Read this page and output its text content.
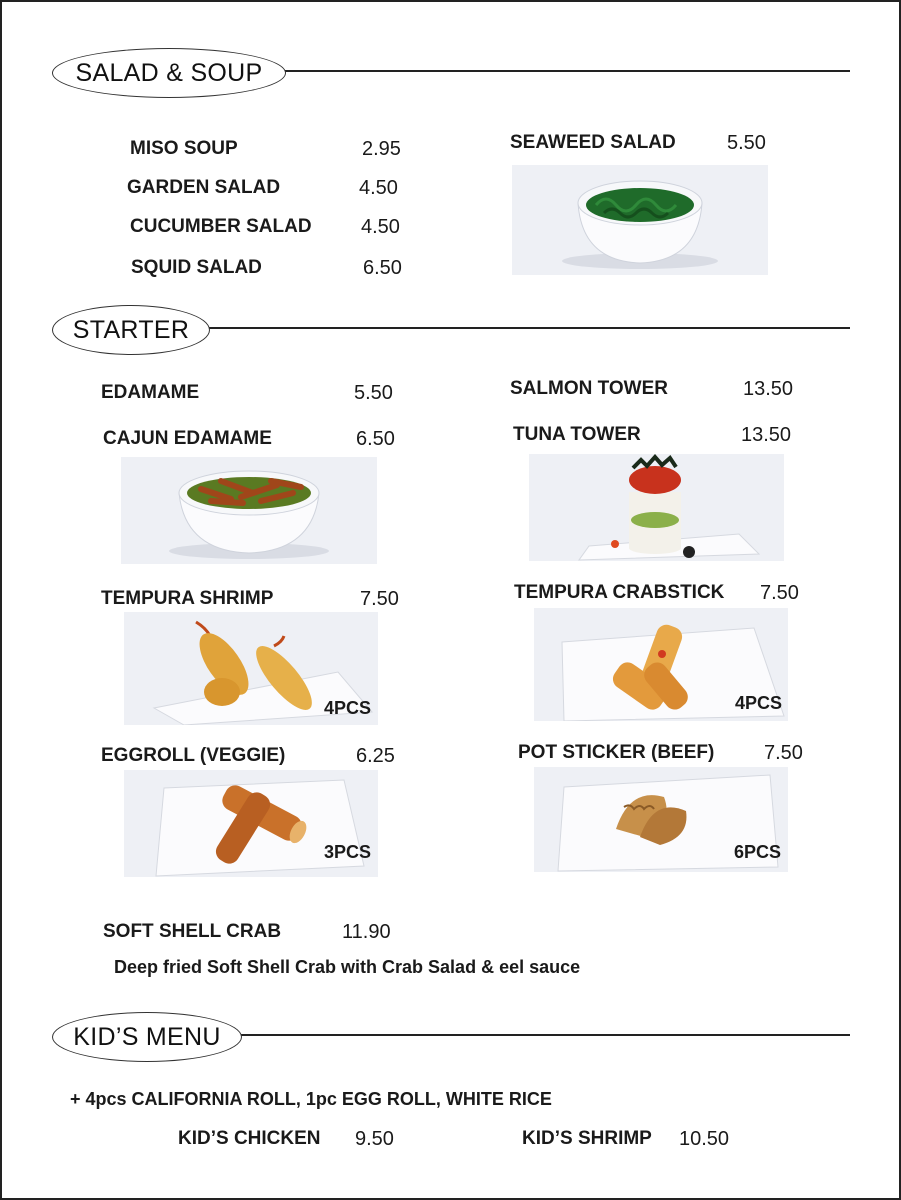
SALAD & SOUP
MISO SOUP	2.95
GARDEN SALAD	4.50
CUCUMBER SALAD 4.50
SQUID SALAD	6.50
SEAWEED SALAD	5.50
STARTER
EDAMAME	5.50
CAJUN EDAMAME	6.50
SALMON TOWER	13.50
TUNA TOWER	13.50
TEMPURA SHRIMP	7.50
4PCS
TEMPURA CRABSTICK 7.50
4PCS
EGGROLL (VEGGIE)	6.25
3PCS
POT STICKER (BEEF) 7.50
6PCS
SOFT SHELL CRAB	11.90
Deep fried Soft Shell Crab with Crab Salad & eel sauce
KID’S MENU
+ 4pcs CALIFORNIA ROLL, 1pc EGG ROLL, WHITE RICE
KID’S CHICKEN 9.50	KID’S SHRIMP 10.50
